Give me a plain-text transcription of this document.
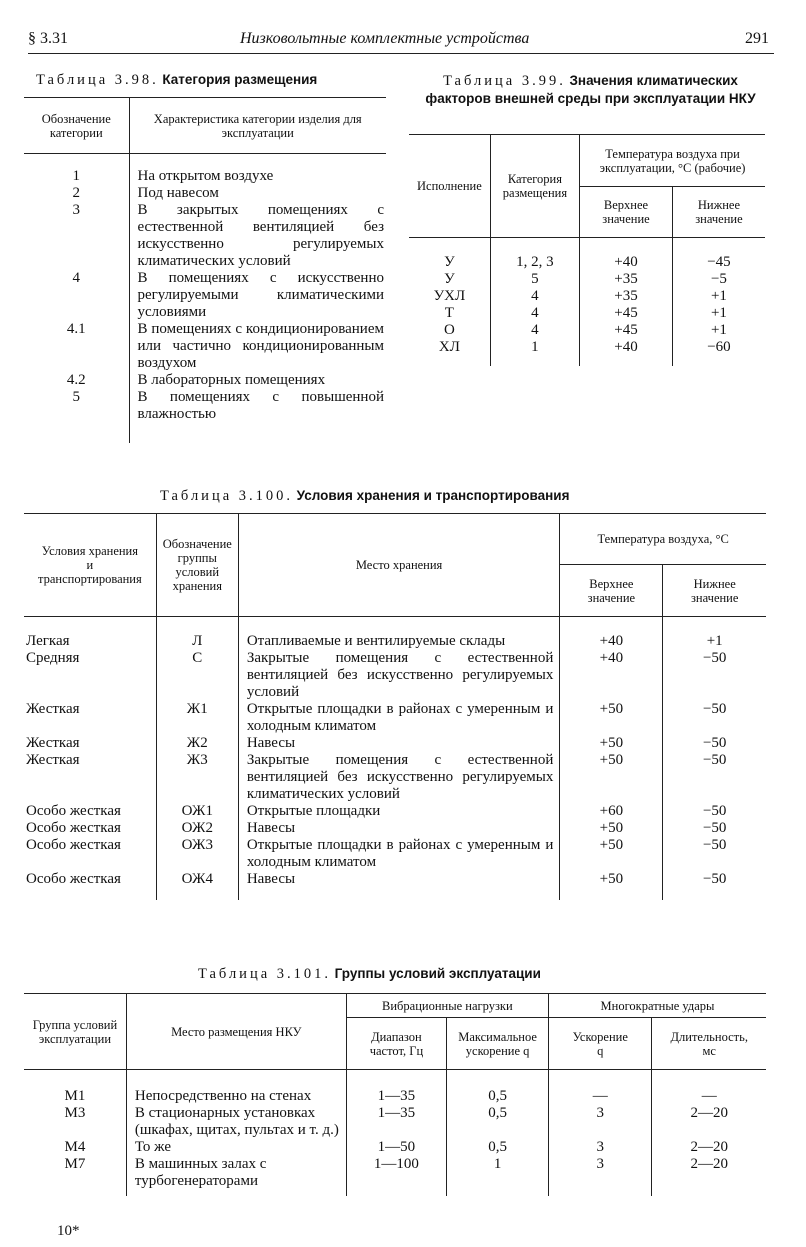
§ 3.31	Низковольтные комплектные устройства	291
Таблица 3.98. Категория размещения
Обозначение категории	Характеристика категории изделия для эксплуатации

1	На открытом воздухе
2	Под навесом
3	В закрытых помещениях с естественной вентиляцией без искусственно регулируемых климатических условий
4	В помещениях с искусственно регулируемыми климатическими условиями
4.1	В помещениях с кондиционированием или частично кондиционированным воздухом
4.2	В лабораторных помещениях
5	В помещениях с повышенной влажностью

Таблица 3.99. Значения климатических факторов внешней среды при эксплуатации НКУ
Исполнение	Категория размещения	Температура воздуха при эксплуатации, °С (рабочие)	
		Верхнее значение	Нижнее значение

У	1, 2, 3	+40	−45
У	5	+35	−5
УХЛ	4	+35	+1
Т	4	+45	+1
О	4	+45	+1
ХЛ	1	+40	−60

Таблица 3.100. Условия хранения и транспортирования
Условия хранения и транспортирования	Обозначение группы условий хранения	Место хранения	Температура воздуха, °С	
			Верхнее значение	Нижнее значение

Легкая	Л	Отапливаемые и вентилируемые склады	+40	+1
Средняя	С	Закрытые помещения с естественной вентиляцией без искусственно регулируемых условий	+40	−50
Жесткая	Ж1	Открытые площадки в районах с умеренным и холодным климатом	+50	−50
Жесткая	Ж2	Навесы	+50	−50
Жесткая	Ж3	Закрытые помещения с естественной вентиляцией без искусственно регулируемых климатических условий	+50	−50
Особо жесткая	ОЖ1	Открытые площадки	+60	−50
Особо жесткая	ОЖ2	Навесы	+50	−50
Особо жесткая	ОЖ3	Открытые площадки в районах с умеренным и холодным климатом	+50	−50
Особо жесткая	ОЖ4	Навесы	+50	−50

Таблица 3.101. Группы условий эксплуатации
Группа условий эксплуатации	Место размещения НКУ	Вибрационные нагрузки		Многократные удары	
		Диапазон частот, Гц	Максимальное ускорение q	Ускорение q	Длительность, мс

М1	Непосредственно на стенах	1—35	0,5	—	—
М3	В стационарных установках (шкафах, щитах, пультах и т. д.)	1—35	0,5	3	2—20
М4	То же	1—50	0,5	3	2—20
М7	В машинных залах с турбогенераторами	1—100	1	3	2—20

10*
